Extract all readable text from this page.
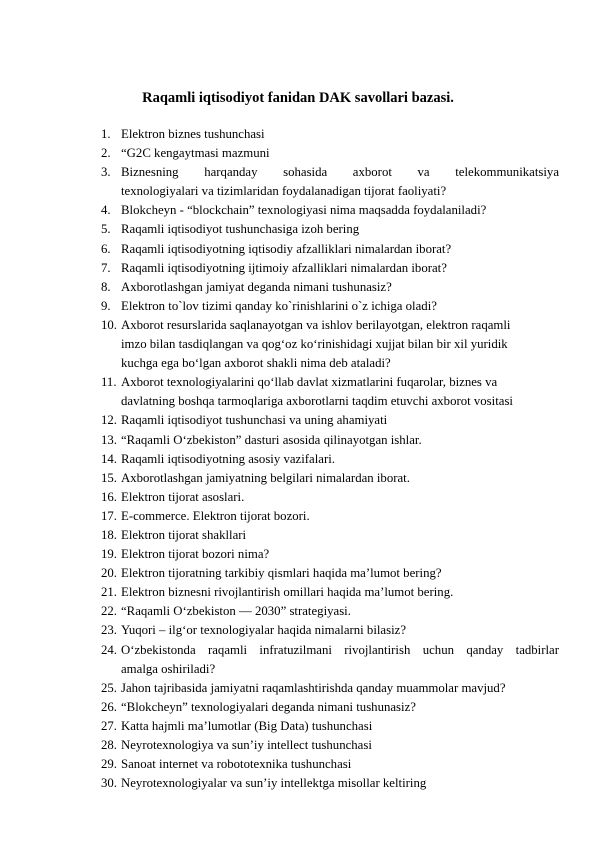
Raqamli iqtisodiyot fanidan DAK savollari bazasi.
1. Elektron biznes tushunchasi
2. “G2C kengaytmasi mazmuni
3. Biznesning harqanday sohasida axborot va telekommunikatsiya
texnologiyalari va tizimlaridan foydalanadigan tijorat faoliyati?
4. Blokcheyn - “blockchain” texnologiyasi nima maqsadda foydalaniladi?
5. Raqamli iqtisodiyot tushunchasiga izoh bering
6. Raqamli iqtisodiyotning iqtisodiy afzalliklari nimalardan iborat?
7. Raqamli iqtisodiyotning ijtimoiy afzalliklari nimalardan iborat?
8. Axborotlashgan jamiyat deganda nimani tushunasiz?
9. Elektron to`lov tizimi qanday ko`rinishlarini o`z ichiga oladi?
10. Axborot resurslarida saqlanayotgan va ishlov berilayotgan, elektron raqamli
imzo bilan tasdiqlangan va qog‘oz ko‘rinishidagi xujjat bilan bir xil yuridik
kuchga ega bo‘lgan axborot shakli nima deb ataladi?
11. Axborot texnologiyalarini qo‘llab davlat xizmatlarini fuqarolar, biznes va
davlatning boshqa tarmoqlariga axborotlarni taqdim etuvchi axborot vositasi
12. Raqamli iqtisodiyot tushunchasi va uning ahamiyati
13. “Raqamli O‘zbekiston” dasturi asosida qilinayotgan ishlar.
14. Raqamli iqtisodiyotning asosiy vazifalari.
15. Axborotlashgan jamiyatning belgilari nimalardan iborat.
16. Elektron tijorat asoslari.
17. E-commerce. Elektron tijorat bozori.
18. Elektron tijorat shakllari
19. Elektron tijorat bozori nima?
20. Elektron tijoratning tarkibiy qismlari haqida ma’lumot bering?
21. Elektron biznesni rivojlantirish omillari haqida ma’lumot bering.
22. “Raqamli O‘zbekiston — 2030” strategiyasi.
23. Yuqori – ilg‘or texnologiyalar haqida nimalarni bilasiz?
24. O‘zbekistonda raqamli infratuzilmani rivojlantirish uchun qanday tadbirlar
amalga oshiriladi?
25. Jahon tajribasida jamiyatni raqamlashtirishda qanday muammolar mavjud?
26. “Blokcheyn” texnologiyalari deganda nimani tushunasiz?
27. Katta hajmli ma’lumotlar (Big Data) tushunchasi
28. Neyrotexnologiya va sun’iy intellect tushunchasi
29. Sanoat internet va robototexnika tushunchasi
30. Neyrotexnologiyalar va sun’iy intellektga misollar keltiring
